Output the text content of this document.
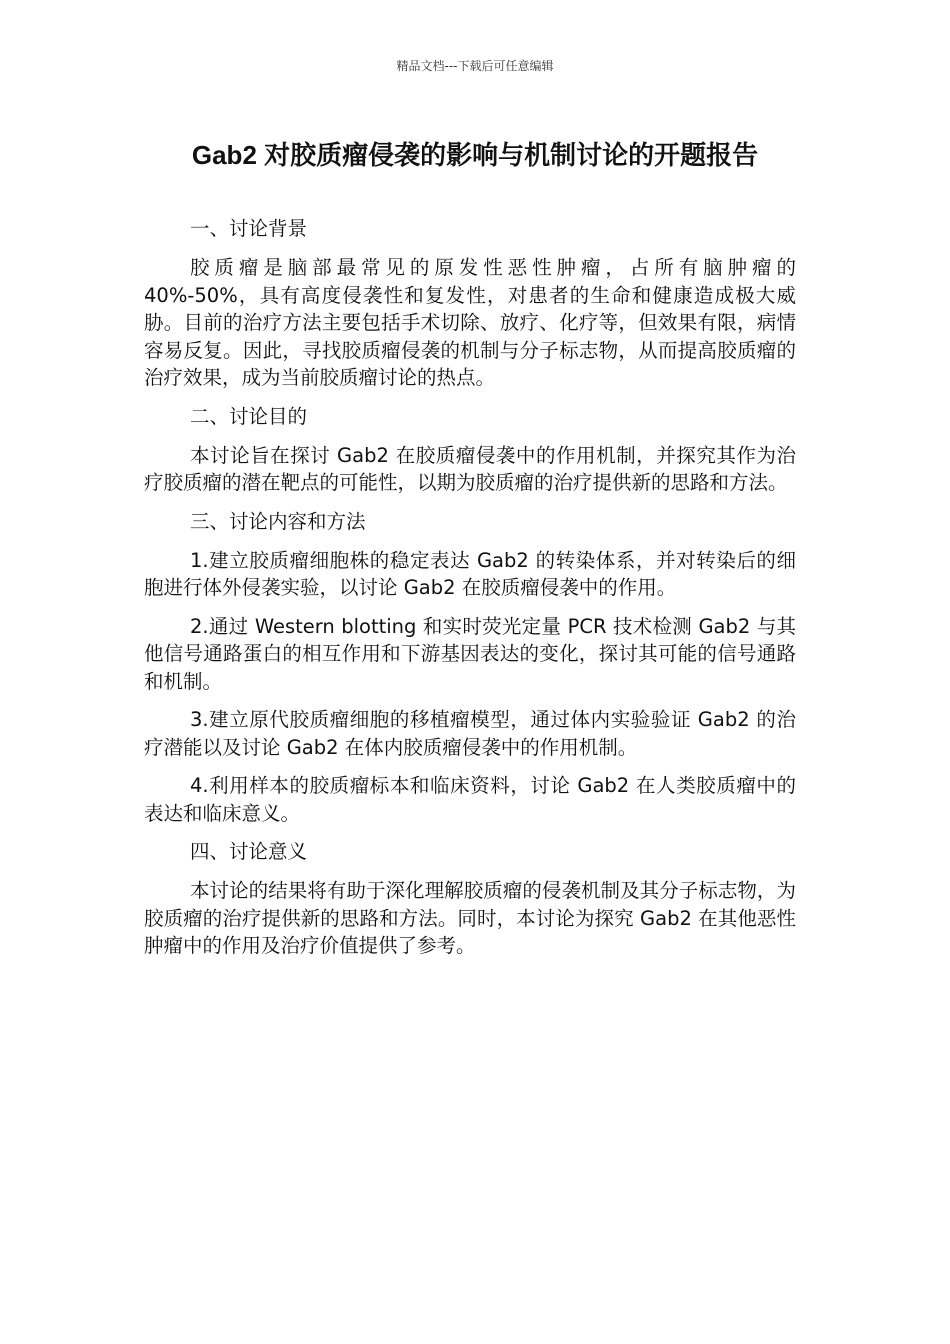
精品文档---下载后可任意编辑
Gab2 对胶质瘤侵袭的影响与机制讨论的开题报告

一、讨论背景

胶质瘤是脑部最常见的原发性恶性肿瘤，占所有脑肿瘤的 40%-50%，具有高度侵袭性和复发性，对患者的生命和健康造成极大威胁。目前的治疗方法主要包括手术切除、放疗、化疗等，但效果有限，病情容易反复。因此，寻找胶质瘤侵袭的机制与分子标志物，从而提高胶质瘤的治疗效果，成为当前胶质瘤讨论的热点。

二、讨论目的

本讨论旨在探讨 Gab2 在胶质瘤侵袭中的作用机制，并探究其作为治疗胶质瘤的潜在靶点的可能性，以期为胶质瘤的治疗提供新的思路和方法。

三、讨论内容和方法

1.建立胶质瘤细胞株的稳定表达 Gab2 的转染体系，并对转染后的细胞进行体外侵袭实验，以讨论 Gab2 在胶质瘤侵袭中的作用。

2.通过 Western blotting 和实时荧光定量 PCR 技术检测 Gab2 与其他信号通路蛋白的相互作用和下游基因表达的变化，探讨其可能的信号通路和机制。

3.建立原代胶质瘤细胞的移植瘤模型，通过体内实验验证 Gab2 的治疗潜能以及讨论 Gab2 在体内胶质瘤侵袭中的作用机制。

4.利用样本的胶质瘤标本和临床资料，讨论 Gab2 在人类胶质瘤中的表达和临床意义。

四、讨论意义

本讨论的结果将有助于深化理解胶质瘤的侵袭机制及其分子标志物，为胶质瘤的治疗提供新的思路和方法。同时，本讨论为探究 Gab2 在其他恶性肿瘤中的作用及治疗价值提供了参考。
